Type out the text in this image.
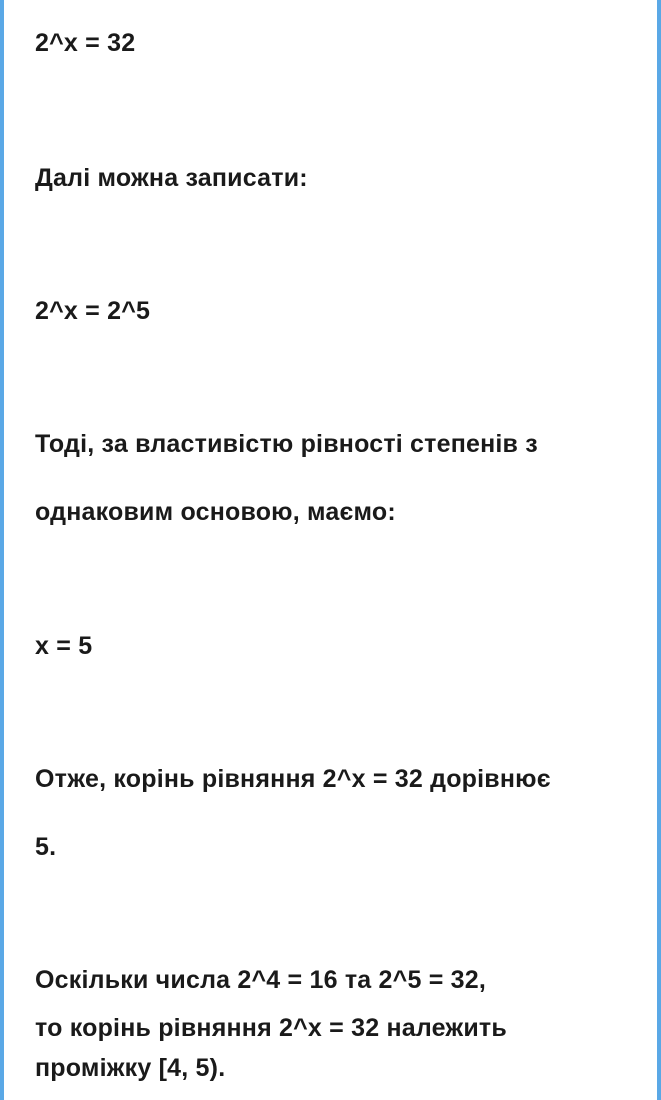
2^x = 32
Далі можна записати:
2^x = 2^5
Тоді, за властивістю рівності степенів з
однаковим основою, маємо:
x = 5
Отже, корінь рівняння 2^x = 32 дорівнює
5.
Оскільки числа 2^4 = 16 та 2^5 = 32,
то корінь рівняння 2^x = 32 належить
проміжку [4, 5).
